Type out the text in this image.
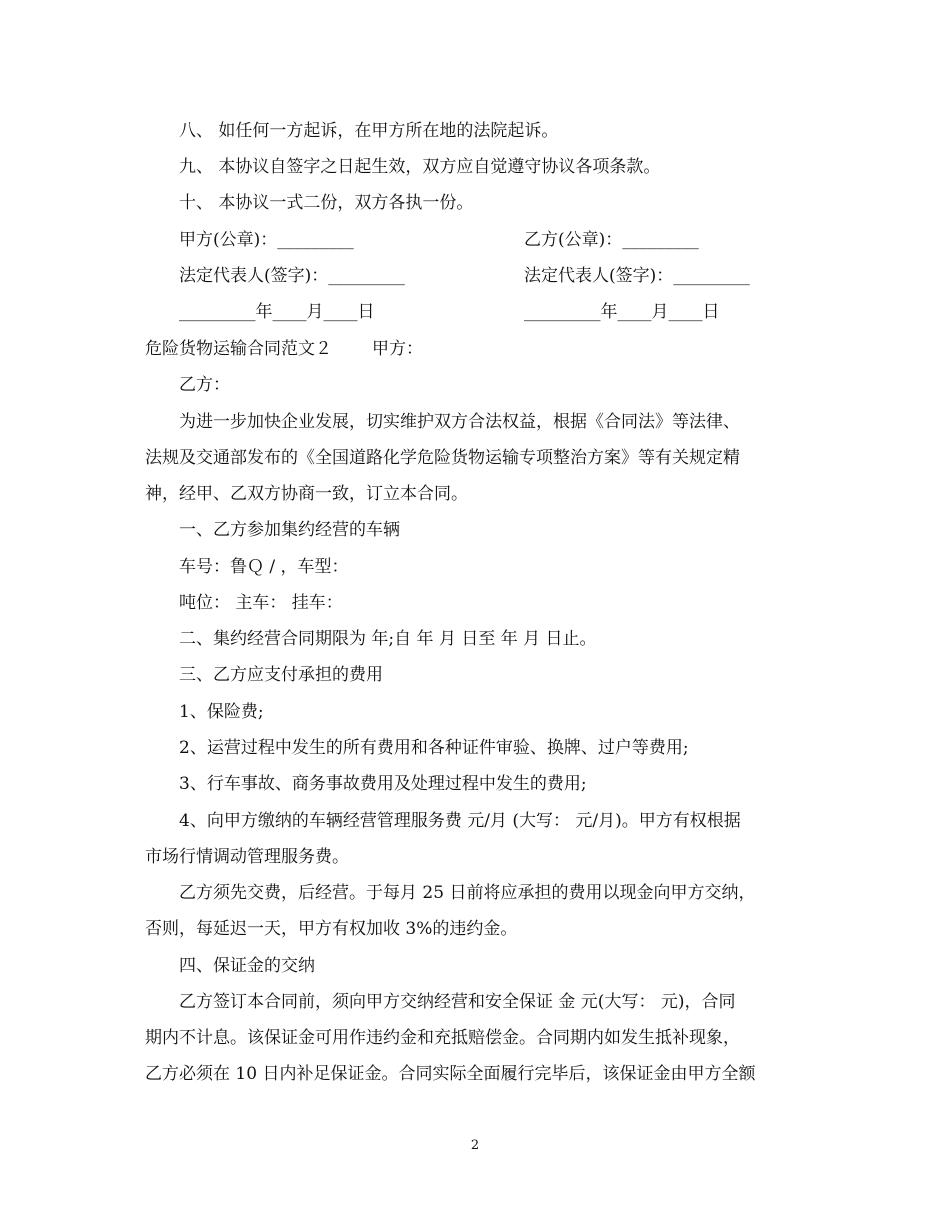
八、 如任何一方起诉，在甲方所在地的法院起诉。
九、 本协议自签字之日起生效，双方应自觉遵守协议各项条款。
十、 本协议一式二份，双方各执一份。
甲方(公章)：_________	乙方(公章)：_________
法定代表人(签字)：_________	法定代表人(签字)：_________
_________年____月____日	_________年____月____日
危险货物运输合同范文２ 甲方：
乙方：
为进一步加快企业发展，切实维护双方合法权益，根据《合同法》等法律、
法规及交通部发布的《全国道路化学危险货物运输专项整治方案》等有关规定精
神，经甲、乙双方协商一致，订立本合同。
一、乙方参加集约经营的车辆
车号：鲁Ｑ / ，车型：
吨位： 主车： 挂车：
二、集约经营合同期限为 年;自 年 月 日至 年 月 日止。
三、乙方应支付承担的费用
1、保险费;
2、运营过程中发生的所有费用和各种证件审验、换牌、过户等费用;
3、行车事故、商务事故费用及处理过程中发生的费用;
4、向甲方缴纳的车辆经营管理服务费 元/月 (大写： 元/月)。甲方有权根据
市场行情调动管理服务费。
乙方须先交费，后经营。于每月 25 日前将应承担的费用以现金向甲方交纳，
否则，每延迟一天，甲方有权加收 3%的违约金。
四、保证金的交纳
乙方签订本合同前，须向甲方交纳经营和安全保证 金 元(大写： 元)，合同
期内不计息。该保证金可用作违约金和充抵赔偿金。合同期内如发生抵补现象，
乙方必须在 10 日内补足保证金。合同实际全面履行完毕后，该保证金由甲方全额
2
